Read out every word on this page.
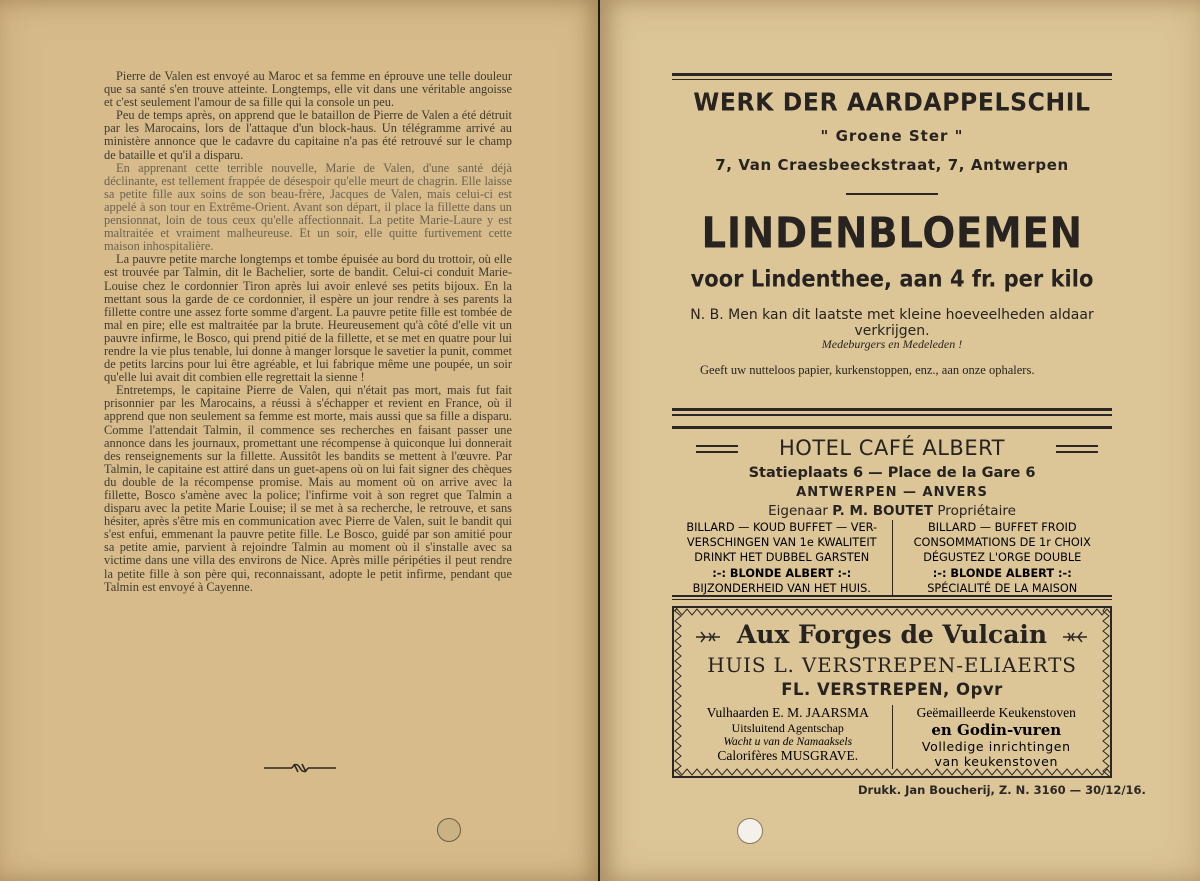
Pierre de Valen est envoyé au Maroc et sa femme en éprouve une telle douleur que sa santé s'en trouve atteinte. Longtemps, elle vit dans une véritable angoisse et c'est seulement l'amour de sa fille qui la console un peu.

Peu de temps après, on apprend que le bataillon de Pierre de Valen a été détruit par les Marocains, lors de l'attaque d'un block-haus. Un télégramme arrivé au ministère annonce que le cadavre du capitaine n'a pas été retrouvé sur le champ de bataille et qu'il a disparu.

En apprenant cette terrible nouvelle, Marie de Valen, d'une santé déjà déclinante, est tellement frappée de désespoir qu'elle meurt de chagrin. Elle laisse sa petite fille aux soins de son beau-frère, Jacques de Valen, mais celui-ci est appelé à son tour en Extrême-Orient. Avant son départ, il place la fillette dans un pensionnat, loin de tous ceux qu'elle affectionnait. La petite Marie-Laure y est maltraitée et vraiment malheureuse. Et un soir, elle quitte furtivement cette maison inhospitalière.

La pauvre petite marche longtemps et tombe épuisée au bord du trottoir, où elle est trouvée par Talmin, dit le Bachelier, sorte de bandit. Celui-ci conduit Marie-Louise chez le cordonnier Tiron après lui avoir enlevé ses petits bijoux. En la mettant sous la garde de ce cordonnier, il espère un jour rendre à ses parents la fillette contre une assez forte somme d'argent. La pauvre petite fille est tombée de mal en pire; elle est maltraitée par la brute. Heureusement qu'à côté d'elle vit un pauvre infirme, le Bosco, qui prend pitié de la fillette, et se met en quatre pour lui rendre la vie plus tenable, lui donne à manger lorsque le savetier la punit, commet de petits larcins pour lui être agréable, et lui fabrique même une poupée, un soir qu'elle lui avait dit combien elle regrettait la sienne !

Entretemps, le capitaine Pierre de Valen, qui n'était pas mort, mais fut fait prisonnier par les Marocains, a réussi à s'échapper et revient en France, où il apprend que non seulement sa femme est morte, mais aussi que sa fille a disparu. Comme l'attendait Talmin, il commence ses recherches en faisant passer une annonce dans les journaux, promettant une récompense à quiconque lui donnerait des renseignements sur la fillette. Aussitôt les bandits se mettent à l'œuvre. Par Talmin, le capitaine est attiré dans un guet-apens où on lui fait signer des chèques du double de la récompense promise. Mais au moment où on arrive avec la fillette, Bosco s'amène avec la police; l'infirme voit à son regret que Talmin a disparu avec la petite Marie Louise; il se met à sa recherche, le retrouve, et sans hésiter, après s'être mis en communication avec Pierre de Valen, suit le bandit qui s'est enfui, emmenant la pauvre petite fille. Le Bosco, guidé par son amitié pour sa petite amie, parvient à rejoindre Talmin au moment où il s'installe avec sa victime dans une villa des environs de Nice. Après mille péripéties il peut rendre la petite fille à son père qui, reconnaissant, adopte le petit infirme, pendant que Talmin est envoyé à Cayenne.

WERK DER AARDAPPELSCHIL
" Groene Ster "
7, Van Craesbeeckstraat, 7, Antwerpen
LINDENBLOEMEN
voor Lindenthee, aan 4 fr. per kilo
N. B. Men kan dit laatste met kleine hoeveelheden aldaar verkrijgen.
Medeburgers en Medeleden !
Geeft uw nutteloos papier, kurkenstoppen, enz., aan onze ophalers.
HOTEL CAFÉ ALBERT
Statieplaats 6 — Place de la Gare 6
ANTWERPEN — ANVERS
Eigenaar P. M. BOUTET Propriétaire
BILLARD — KOUD BUFFET — VER-
VERSCHINGEN VAN 1e KWALITEIT
DRINKT HET DUBBEL GARSTEN
:-: BLONDE ALBERT :-:
BIJZONDERHEID VAN HET HUIS.
BILLARD — BUFFET FROID
CONSOMMATIONS DE 1r CHOIX
DÉGUSTEZ L'ORGE DOUBLE
:-: BLONDE ALBERT :-:
SPÉCIALITÉ DE LA MAISON
Aux Forges de Vulcain
HUIS L. VERSTREPEN-ELIAERTS
FL. VERSTREPEN, Opvr
Vulhaarden E. M. JAARSMA
Uitsluitend Agentschap
Wacht u van de Namaaksels
Calorifères MUSGRAVE.
Geëmailleerde Keukenstoven
en Godin-vuren
Volledige inrichtingen
van keukenstoven
Drukk. Jan Boucherij, Z. N. 3160 — 30/12/16.
